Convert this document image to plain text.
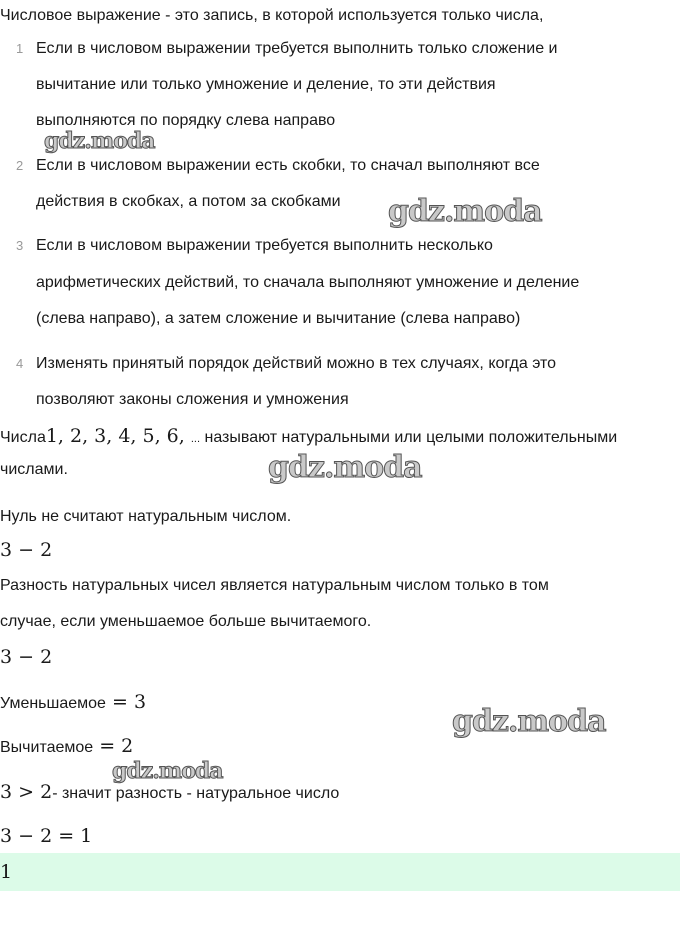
Числовое выражение - это запись, в которой используется только числа,
1 Если в числовом выражении требуется выполнить только сложение и
вычитание или только умножение и деление, то эти действия
выполняются по порядку слева направо
2 Если в числовом выражении есть скобки, то сначал выполняют все
действия в скобках, а потом за скобками
3 Если в числовом выражении требуется выполнить несколько
арифметических действий, то сначала выполняют умножение и деление
(слева направо), а затем сложение и вычитание (слева направо)
4 Изменять принятый порядок действий можно в тех случаях, когда это
позволяют законы сложения и умножения
Числа1, 2, 3, 4, 5, 6, ... называют натуральными или целыми положительными
числами.
Нуль не считают натуральным числом.
3 − 2
Разность натуральных чисел является натуральным числом только в том
случае, если уменьшаемое больше вычитаемого.
3 − 2
Уменьшаемое = 3
Вычитаемое = 2
3 > 2- значит разность - натуральное число
3 − 2 = 1
1
gdz.moda
gdz.moda
gdz.moda
gdz.moda
gdz.moda
